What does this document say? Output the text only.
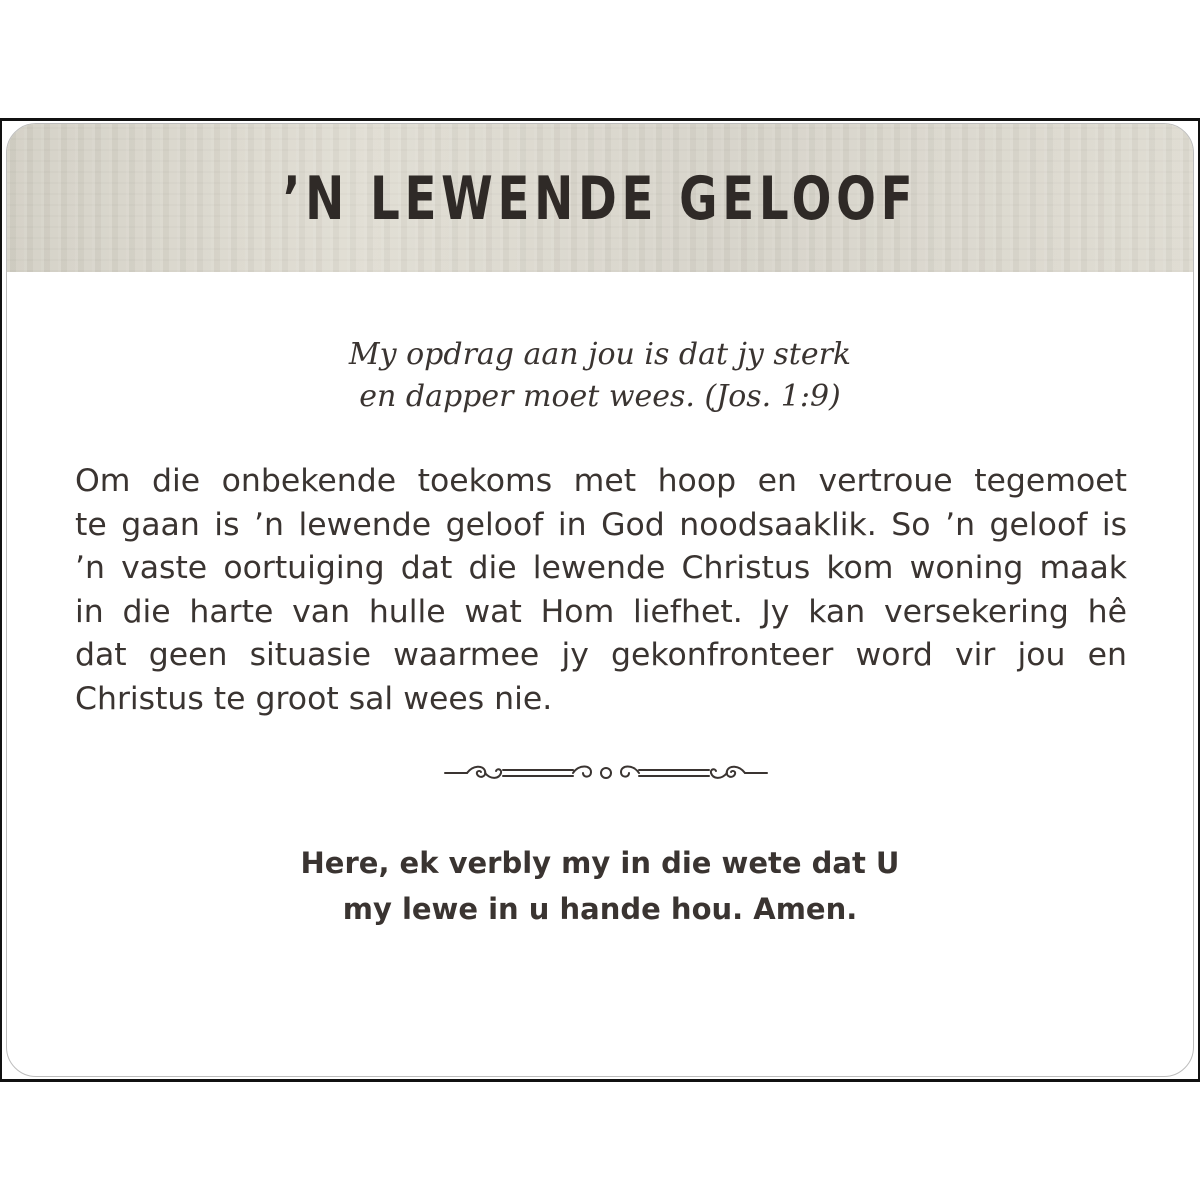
’N LEWENDE GELOOF
My opdrag aan jou is dat jy sterk
en dapper moet wees. (Jos. 1:9)
Om die onbekende toekoms met hoop en vertroue tegemoet
te gaan is ’n lewende geloof in God noodsaaklik. So ’n geloof is
’n vaste oortuiging dat die lewende Christus kom woning maak
in die harte van hulle wat Hom liefhet. Jy kan versekering hê
dat geen situasie waarmee jy gekonfronteer word vir jou en
Christus te groot sal wees nie.
Here, ek verbly my in die wete dat U
my lewe in u hande hou. Amen.
